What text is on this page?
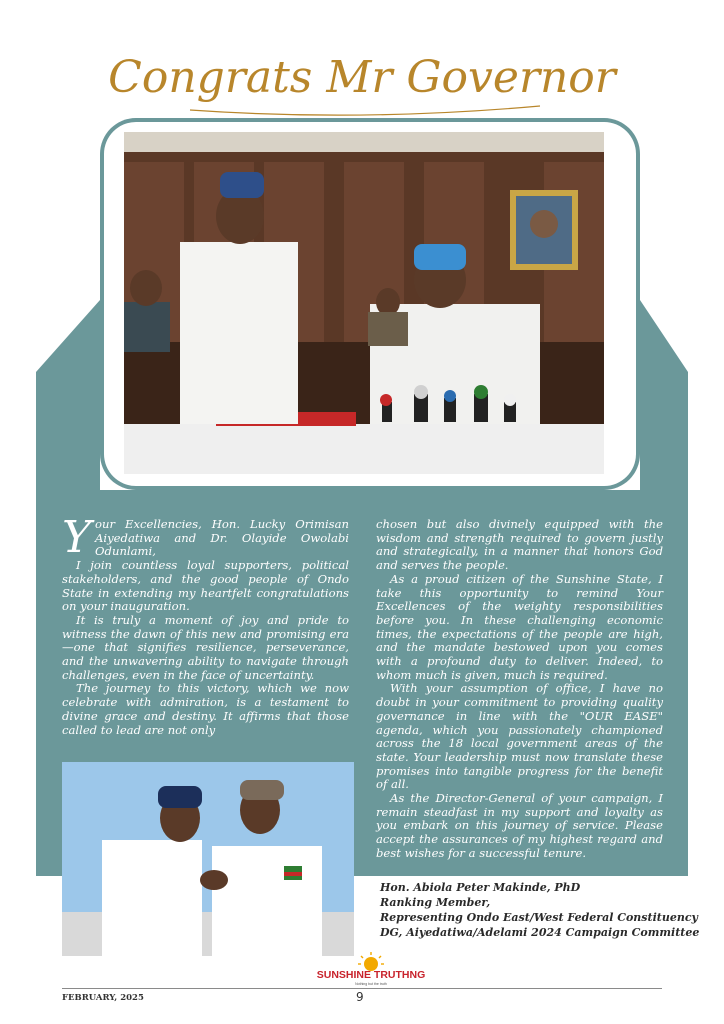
Congrats Mr Governor

Your Excellencies, Hon. Lucky Orimisan Aiyedatiwa and Dr. Olayide Owolabi Odunlami,

I join countless loyal supporters, political stakeholders, and the good people of Ondo State in extending my heartfelt congratulations on your inauguration.

It is truly a moment of joy and pride to witness the dawn of this new and promising era—one that signifies resilience, perseverance, and the unwavering ability to navigate through challenges, even in the face of uncertainty.

The journey to this victory, which we now celebrate with admiration, is a testament to divine grace and destiny. It affirms that those called to lead are not only

chosen but also divinely equipped with the wisdom and strength required to govern justly and strategically, in a manner that honors God and serves the people.

As a proud citizen of the Sunshine State, I take this opportunity to remind Your Excellences of the weighty responsibilities before you. In these challenging economic times, the expectations of the people are high, and the mandate bestowed upon you comes with a profound duty to deliver. Indeed, to whom much is given, much is required.

With your assumption of office, I have no doubt in your commitment to providing quality governance in line with the "OUR EASE" agenda, which you passionately championed across the 18 local government areas of the state. Your leadership must now translate these promises into tangible progress for the benefit of all.

As the Director-General of your campaign, I remain steadfast in my support and loyalty as you embark on this journey of service. Please accept the assurances of my highest regard and best wishes for a successful tenure.

Hon. Abiola Peter Makinde, PhD
Ranking Member,
Representing Ondo East/West Federal Constituency
DG, Aiyedatiwa/Adelami 2024 Campaign Committee
SUNSHINE TRUTHNG
Nothing but the truth
FEBRUARY, 2025	9
